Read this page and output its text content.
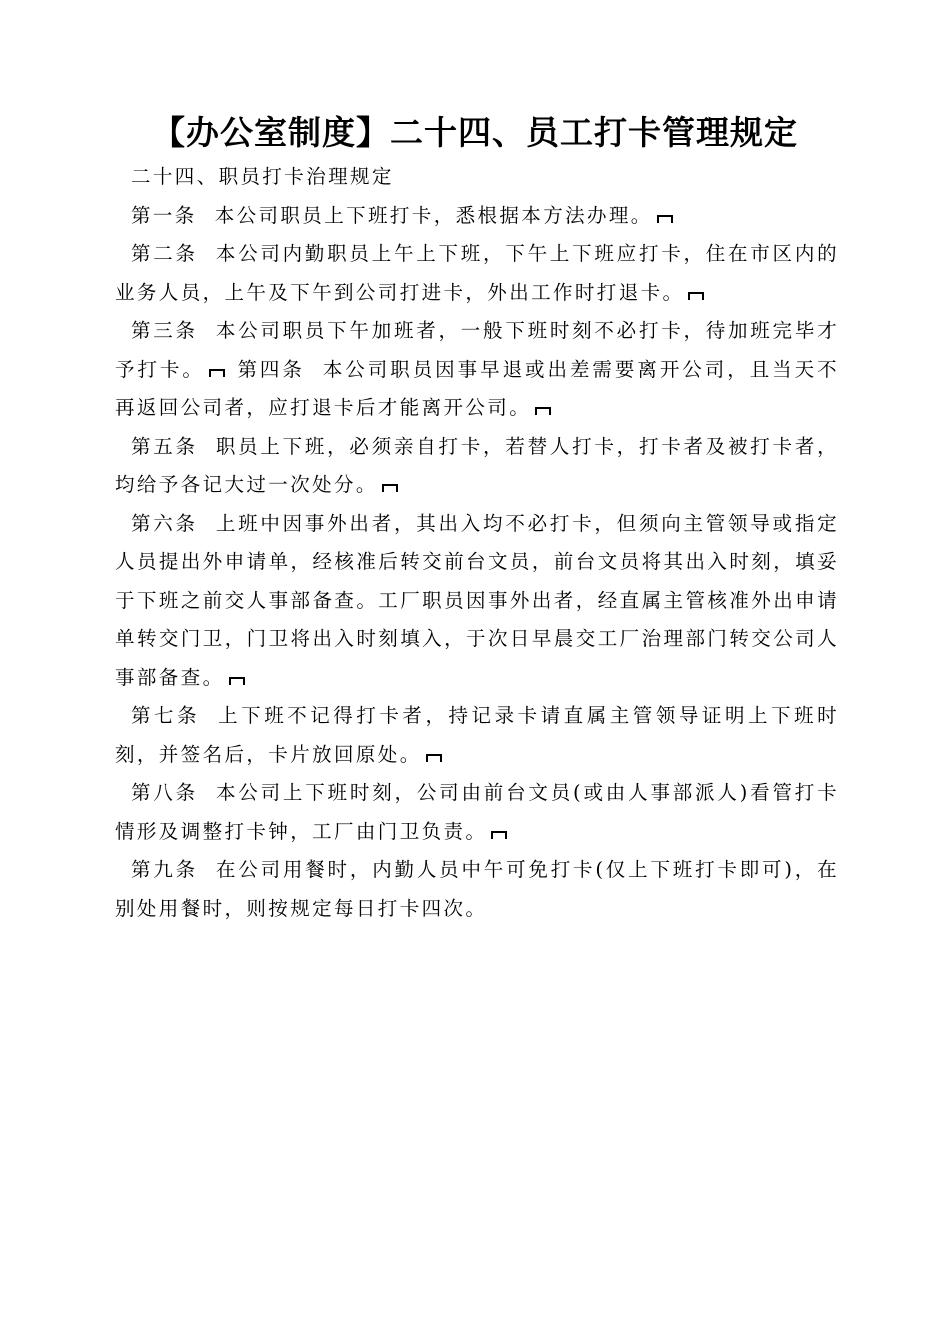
【办公室制度】二十四、员工打卡管理规定

二十四、职员打卡治理规定

第一条 本公司职员上下班打卡，悉根据本方法办理。

第二条 本公司内勤职员上午上下班，下午上下班应打卡，住在市区内的业务人员，上午及下午到公司打进卡，外出工作时打退卡。

第三条 本公司职员下午加班者，一般下班时刻不必打卡，待加班完毕才予打卡。 第四条 本公司职员因事早退或出差需要离开公司，且当天不再返回公司者，应打退卡后才能离开公司。

第五条 职员上下班，必须亲自打卡，若替人打卡，打卡者及被打卡者，均给予各记大过一次处分。

第六条 上班中因事外出者，其出入均不必打卡，但须向主管领导或指定人员提出外申请单，经核准后转交前台文员，前台文员将其出入时刻，填妥于下班之前交人事部备查。工厂职员因事外出者，经直属主管核准外出申请单转交门卫，门卫将出入时刻填入，于次日早晨交工厂治理部门转交公司人事部备查。

第七条 上下班不记得打卡者，持记录卡请直属主管领导证明上下班时刻，并签名后，卡片放回原处。

第八条 本公司上下班时刻，公司由前台文员(或由人事部派人)看管打卡情形及调整打卡钟，工厂由门卫负责。

第九条 在公司用餐时，内勤人员中午可免打卡(仅上下班打卡即可)，在别处用餐时，则按规定每日打卡四次。
